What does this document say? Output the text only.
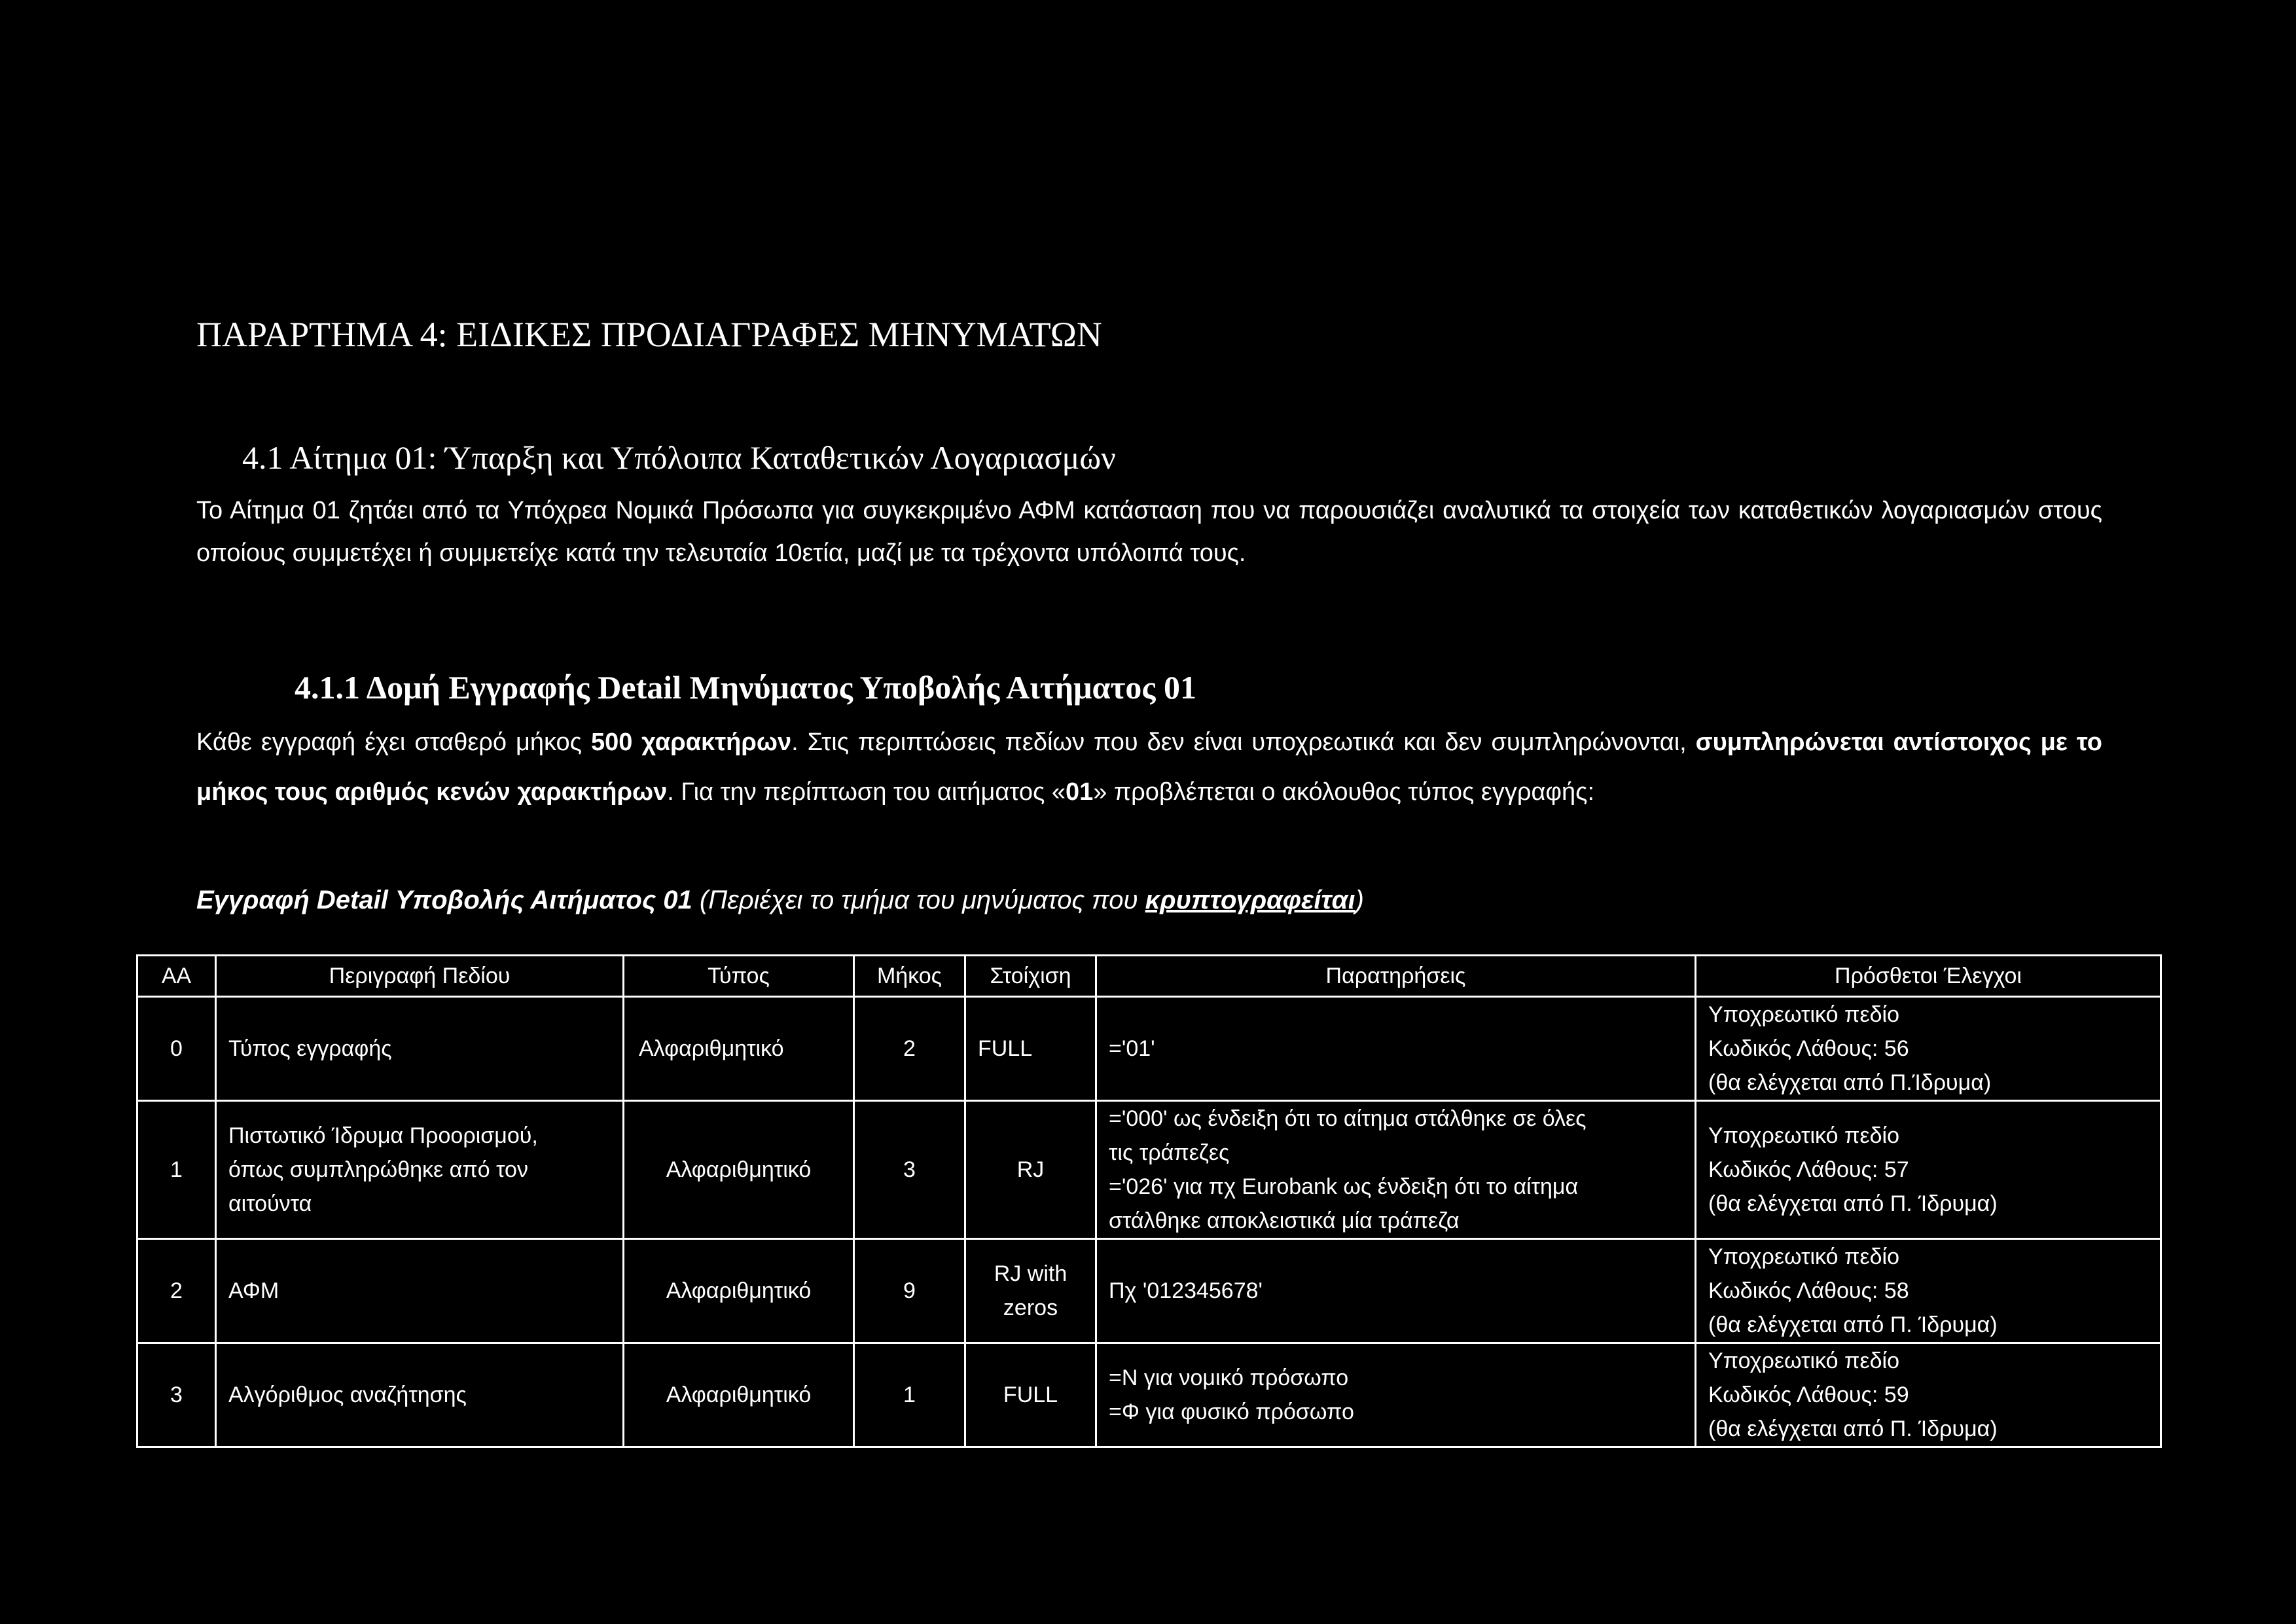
ΠΑΡΑΡΤΗΜΑ 4: ΕΙΔΙΚΕΣ ΠΡΟΔΙΑΓΡΑΦΕΣ ΜΗΝΥΜΑΤΩΝ
4.1 Αίτημα 01: Ύπαρξη και Υπόλοιπα Καταθετικών Λογαριασμών
Το Αίτημα 01 ζητάει από τα Υπόχρεα Νομικά Πρόσωπα για συγκεκριμένο ΑΦΜ κατάσταση που να παρουσιάζει αναλυτικά τα στοιχεία των καταθετικών λογαριασμών στους οποίους συμμετέχει ή συμμετείχε κατά την τελευταία 10ετία, μαζί με τα τρέχοντα υπόλοιπά τους.
4.1.1 Δομή Εγγραφής Detail Μηνύματος Υποβολής Αιτήματος 01
Κάθε εγγραφή έχει σταθερό μήκος 500 χαρακτήρων. Στις περιπτώσεις πεδίων που δεν είναι υποχρεωτικά και δεν συμπληρώνονται, συμπληρώνεται αντίστοιχος με το μήκος τους αριθμός κενών χαρακτήρων. Για την περίπτωση του αιτήματος «01» προβλέπεται ο ακόλουθος τύπος εγγραφής:
Εγγραφή Detail Υποβολής Αιτήματος 01 (Περιέχει το τμήμα του μηνύματος που κρυπτογραφείται)
ΑΑ	Περιγραφή Πεδίου	Τύπος	Μήκος	Στοίχιση	Παρατηρήσεις	Πρόσθετοι Έλεγχοι
0	Τύπος εγγραφής	Αλφαριθμητικό	2	FULL	='01'	Υποχρεωτικό πεδίο
Κωδικός Λάθους: 56
(θα ελέγχεται από Π.Ίδρυμα)

1	Πιστωτικό Ίδρυμα Προορισμού,
όπως συμπληρώθηκε από τον
αιτούντα	Αλφαριθμητικό	3	RJ	='000' ως ένδειξη ότι το αίτημα στάλθηκε σε όλες
τις τράπεζες
='026' για πχ Eurobank ως ένδειξη ότι το αίτημα
στάλθηκε αποκλειστικά μία τράπεζα	Υποχρεωτικό πεδίο
Κωδικός Λάθους: 57
(θα ελέγχεται από Π. Ίδρυμα)

2	ΑΦΜ	Αλφαριθμητικό	9	RJ with
zeros	Πχ '012345678'	Υποχρεωτικό πεδίο
Κωδικός Λάθους: 58
(θα ελέγχεται από Π. Ίδρυμα)

3	Αλγόριθμος αναζήτησης	Αλφαριθμητικό	1	FULL	=Ν για νομικό πρόσωπο
=Φ για φυσικό πρόσωπο	Υποχρεωτικό πεδίο
Κωδικός Λάθους: 59
(θα ελέγχεται από Π. Ίδρυμα)
